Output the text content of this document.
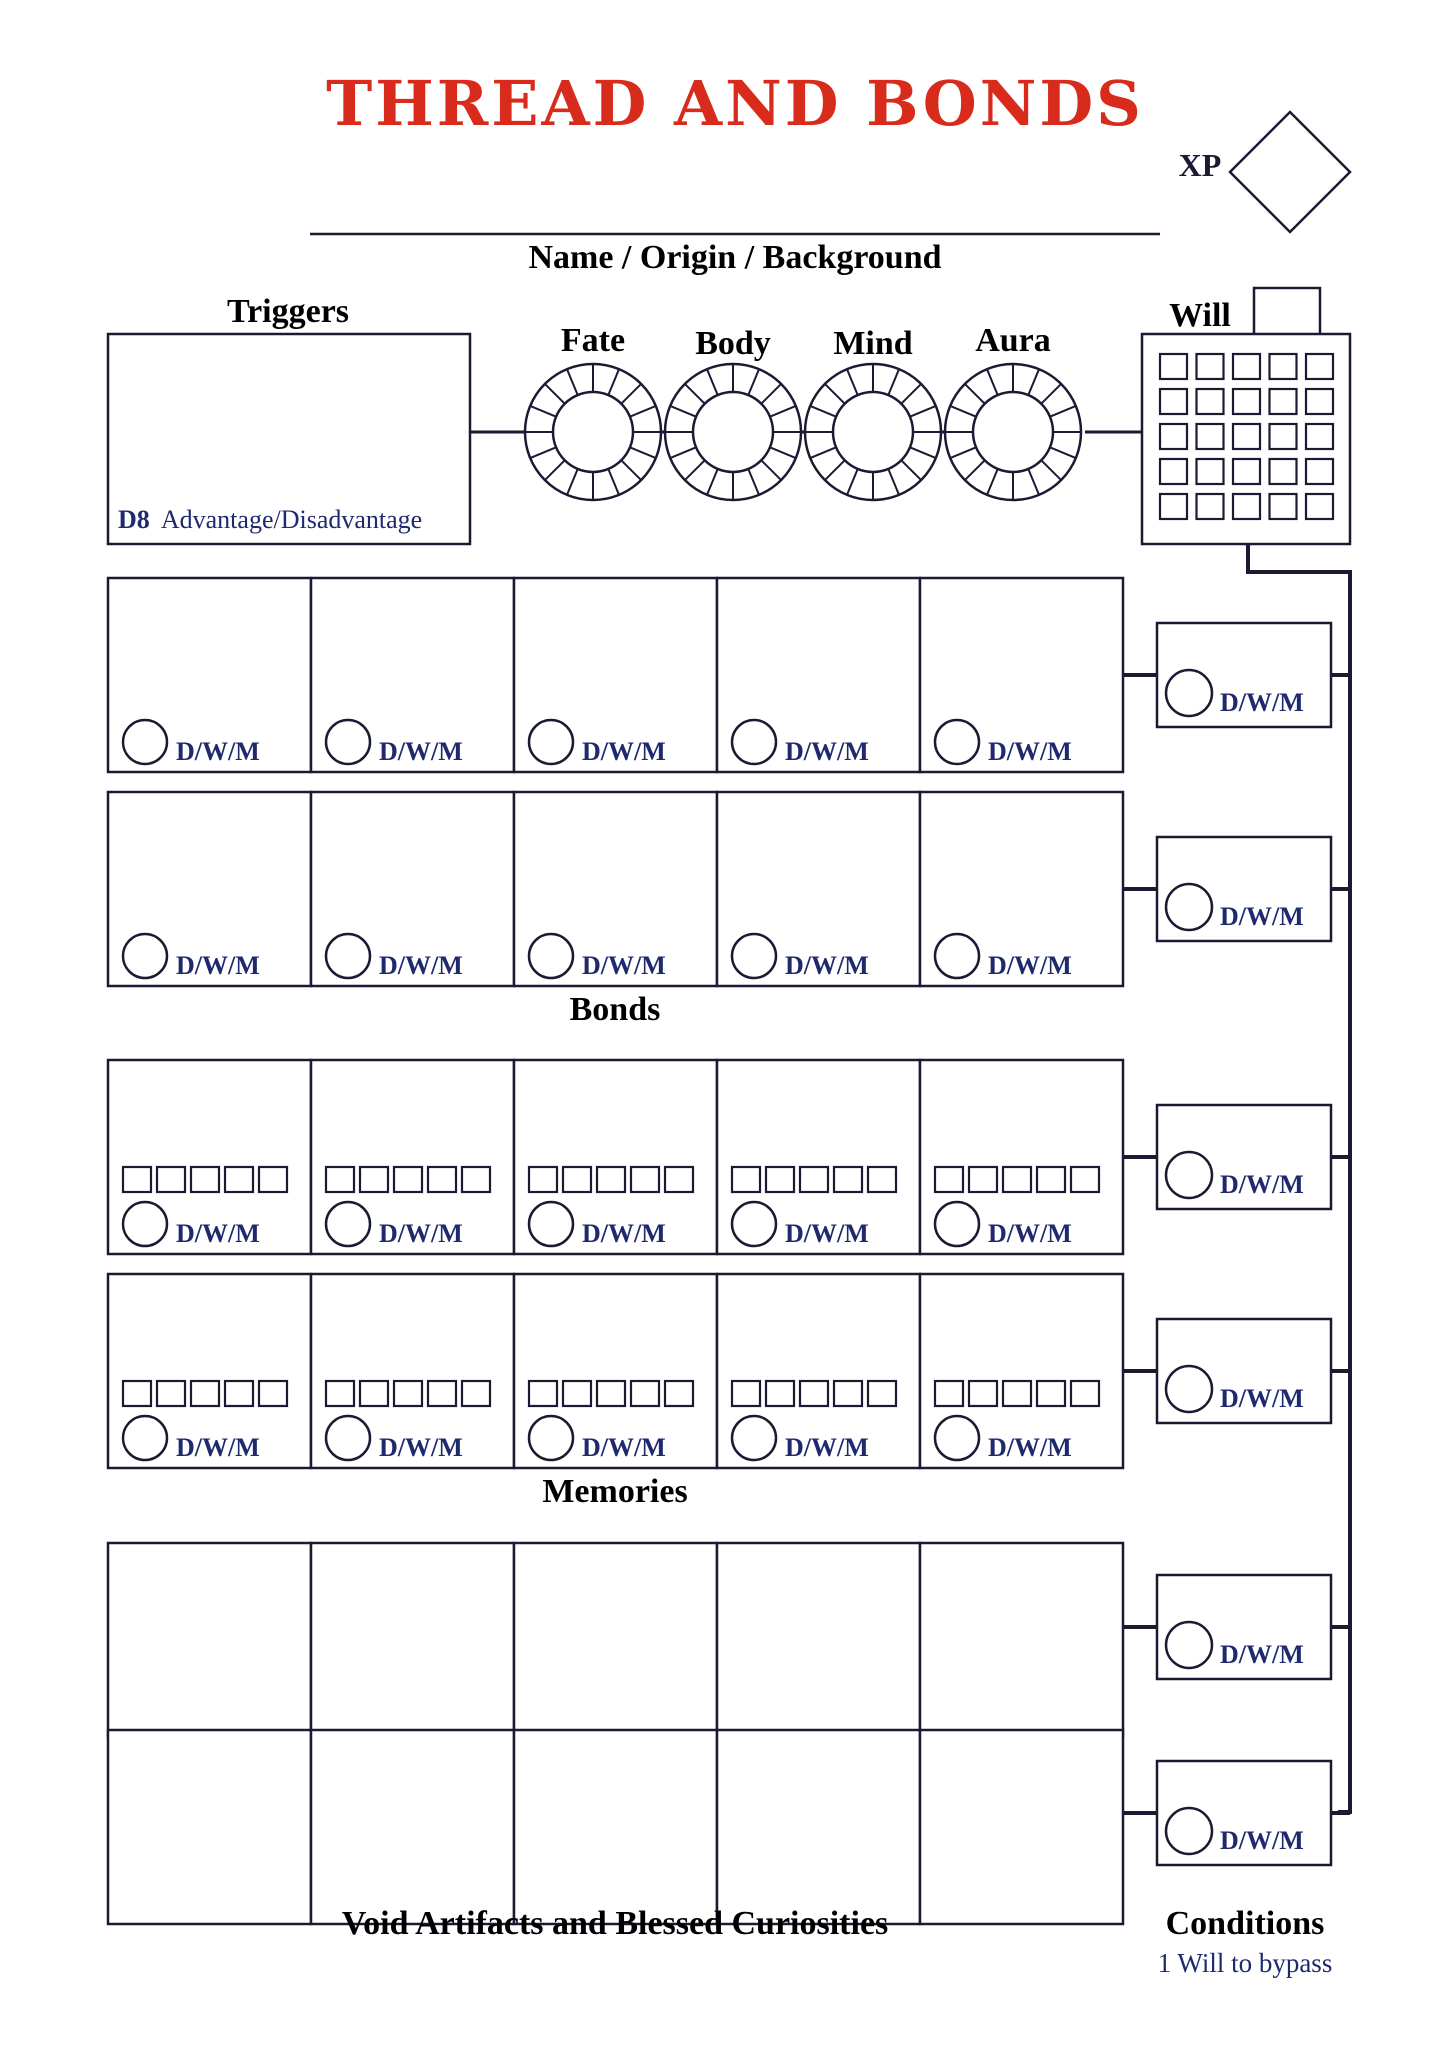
THREAD AND BONDS
XP
Name / Origin / Background
Triggers
D8 Advantage/Disadvantage
Fate Body Mind Aura
Will
D/W/M	D/W/M	D/W/M	D/W/M	D/W/M
D/W/M
D/W/M	D/W/M	D/W/M	D/W/M	D/W/M
D/W/M
D/W/M	D/W/M	D/W/M	D/W/M	D/W/M
D/W/M
D/W/M	D/W/M	D/W/M	D/W/M	D/W/M
D/W/M
D/W/M
D/W/M
Bonds
Memories
Void Artifacts and Blessed Curiosities	Conditions
1 Will to bypass
